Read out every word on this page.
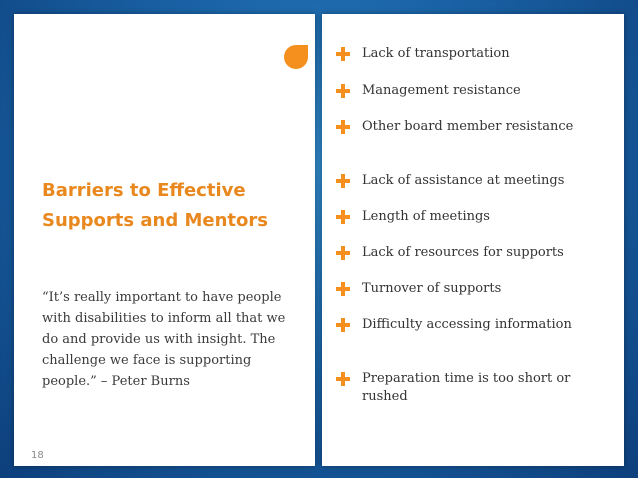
Barriers to Effective
Supports and Mentors
“It’s really important to have people with disabilities to inform all that we do and provide us with insight. The challenge we face is supporting people.” – Peter Burns
18
Lack of transportation
Management resistance
Other board member resistance
Lack of assistance at meetings
Length of meetings
Lack of resources for supports
Turnover of supports
Difficulty accessing information
Preparation time is too short or rushed
